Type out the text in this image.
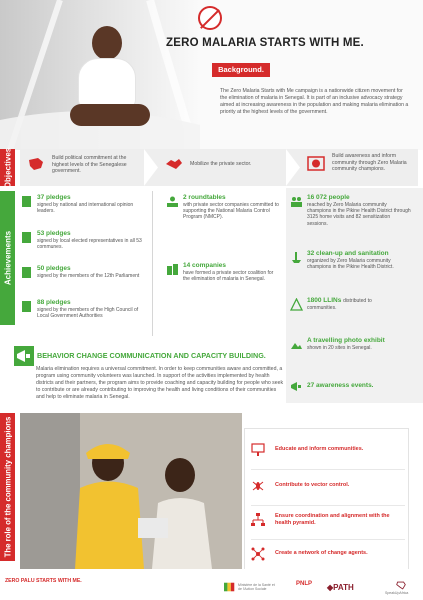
ZERO MALARIA STARTS WITH ME.
Background.
The Zero Malaria Starts with Me campaign is a nationwide citizen movement for the elimination of malaria in Senegal. It is part of an inclusive advocacy strategy aimed at increasing awareness in the population and making malaria elimination a priority at the highest levels of the government.
Objectives	Build political commitment at the highest levels of the Senegalese government.
Mobilize the private sector.
Build awareness and inform community through Zero Malaria community champions.
Achievements
37 pledges
signed by national and international opinion leaders.
53 pledges
signed by local elected representatives in all 53 communes.
50 pledges
signed by the members of the 12th Parliament
88 pledges
signed by the members of the High Council of Local Government Authorities
2 roundtables
with private sector companies committed to supporting the National Malaria Control Program (NMCP).
14 companies
have formed a private sector coalition for the elimination of malaria in Senegal.
16 072 people
reached by Zero Malaria community champions in the Pikine Health District through 3125 home visits and 82 sensitization sessions.
32 clean-up and sanitation
organized by Zero Malaria community champions in the Pikine Health District.
1800 LLINs distributed to
communities.
A travelling photo exhibit
shown in 20 sites in Senegal.
27 awareness events.
BEHAVIOR CHANGE COMMUNICATION AND CAPACITY BUILDING.
Malaria elimination requires a universal commitment. In order to keep communities aware and committed, a program using community volunteers was launched. In support of the activities implemented by health districts and their partners, the program aims to provide coaching and capacity building for people who seek to contribute or are already contributing to improving the health and living conditions of their communities and help to eliminate malaria in Senegal.
The role of the community champions	Educate and inform communities.
Contribute to vector control.
Ensure coordination and alignment with the health pyramid.
Create a network of change agents.
ZERO PALU STARTS WITH ME.
Ministère de la Santé et de l'Action Sociale
PNLP	◆PATH
SpeakUpAfrica
